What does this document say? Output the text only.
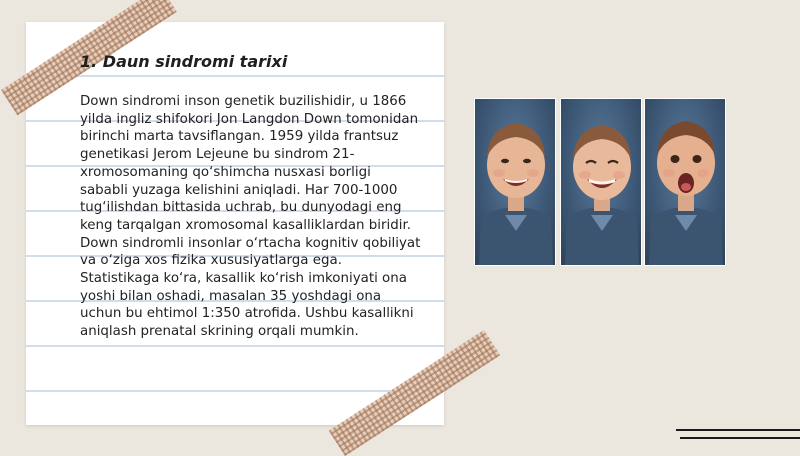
1. Daun sindromi tarixi

Down sindromi inson genetik buzilishidir, u 1866 yilda ingliz shifokori Jon Langdon Down tomonidan birinchi marta tavsiflangan. 1959 yilda frantsuz genetikasi Jerom Lejeune bu sindrom 21-xromosomaning qo‘shimcha nusxasi borligi sababli yuzaga kelishini aniqladi. Har 700-1000 tug‘ilishdan bittasida uchrab, bu dunyodagi eng keng tarqalgan xromosomal kasalliklardan biridir. Down sindromli insonlar o‘rtacha kognitiv qobiliyat va o‘ziga xos fizika xususiyatlarga ega. Statistikaga ko‘ra, kasallik ko‘rish imkoniyati ona yoshi bilan oshadi, masalan 35 yoshdagi ona uchun bu ehtimol 1:350 atrofida. Ushbu kasallikni aniqlash prenatal skrining orqali mumkin.
